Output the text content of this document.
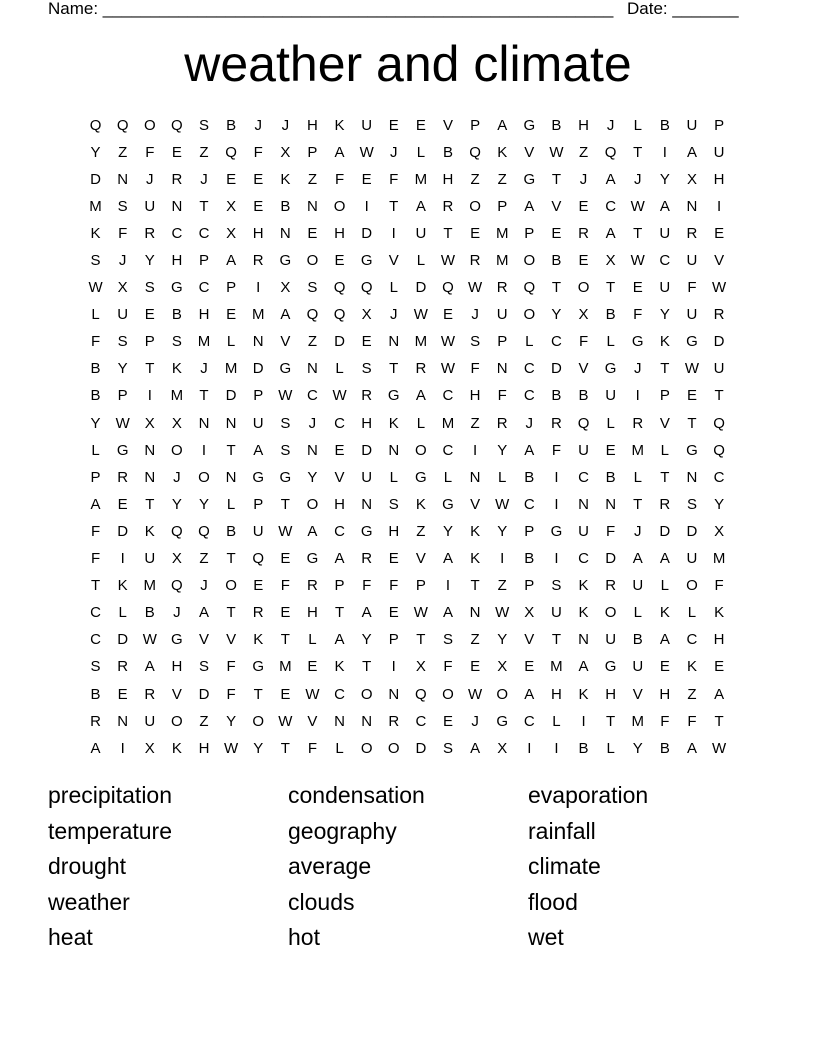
Name: ______________________________________________________

Date: _______

weather and climate
Q	Q	O	Q	S	B	J	J	H	K	U	E	E	V	P	A	G	B	H	J	L	B	U	P
Y	Z	F	E	Z	Q	F	X	P	A	W	J	L	B	Q	K	V	W	Z	Q	T	I	A	U
D	N	J	R	J	E	E	K	Z	F	E	F	M	H	Z	Z	G	T	J	A	J	Y	X	H
M	S	U	N	T	X	E	B	N	O	I	T	A	R	O	P	A	V	E	C W	A	N	I
K	F	R	C	C	X	H	N	E	H	D	I	U	T	E	M	P	E	R	A	T	U	R	E
S	J	Y	H	P	A	R	G	O	E	G	V	L	W R	M	O	B	E	X	W C	U	V
W	X	S	G	C	P	I	X	S	Q	Q	L	D	Q W R	Q	T	O	T	E	U	F	W
L	U	E	B	H	E	M	A	Q	Q	X	J	W	E	J	U	O	Y	X	B	F	Y	U	R
F	S	P	S	M	L	N	V	Z	D	E	N	M W	S	P	L	C	F	L	G	K	G	D
B	Y	T	K	J	M	D	G	N	L	S	T	R W	F	N	C	D	V	G	J	T	W U
B	P	I	M	T	D	P	W C W R	G	A	C	H	F	C	B	B	U	I	P	E	T
Y	W	X	X	N	N	U	S	J	C	H	K	L	M	Z	R	J	R	Q	L	R	V	T	Q
L	G	N	O	I	T	A	S	N	E	D	N	O	C	I	Y	A	F	U	E	M	L	G	Q
P	R	N	J	O	N	G	G	Y	V	U	L	G	L	N	L	B	I	C	B	L	T	N	C
A	E	T	Y	Y	L	P	T	O	H	N	S	K	G	V	W C	I	N	N	T	R	S	Y
F	D	K	Q	Q	B	U W	A	C	G	H	Z	Y	K	Y	P	G	U	F	J	D	D	X
F	I	U	X	Z	T	Q	E	G	A	R	E	V	A	K	I	B	I	C	D	A	A	U	M
T	K	M	Q	J	O	E	F	R	P	F	F	P	I	T	Z	P	S	K	R	U	L	O	F
C	L	B	J	A	T	R	E	H	T	A	E	W	A	N W	X	U	K	O	L	K	L	K
C	D W G	V	V	K	T	L	A	Y	P	T	S	Z	Y	V	T	N	U	B	A	C	H
S	R	A	H	S	F	G	M	E	K	T	I	X	F	E	X	E	M	A	G	U	E	K	E
B	E	R	V	D	F	T	E	W C	O	N	Q	O W O	A	H	K	H	V	H	Z	A
R	N	U	O	Z	Y	O W	V	N	N	R	C	E	J	G	C	L	I	T	M	F	F	T
A	I	X	K	H W	Y	T	F	L	O	O	D	S	A	X	I	I	B	L	Y	B	A	W
precipitation	condensation	evaporation
temperature	geography	rainfall
drought	average	climate
weather	clouds	flood
heat	hot	wet
